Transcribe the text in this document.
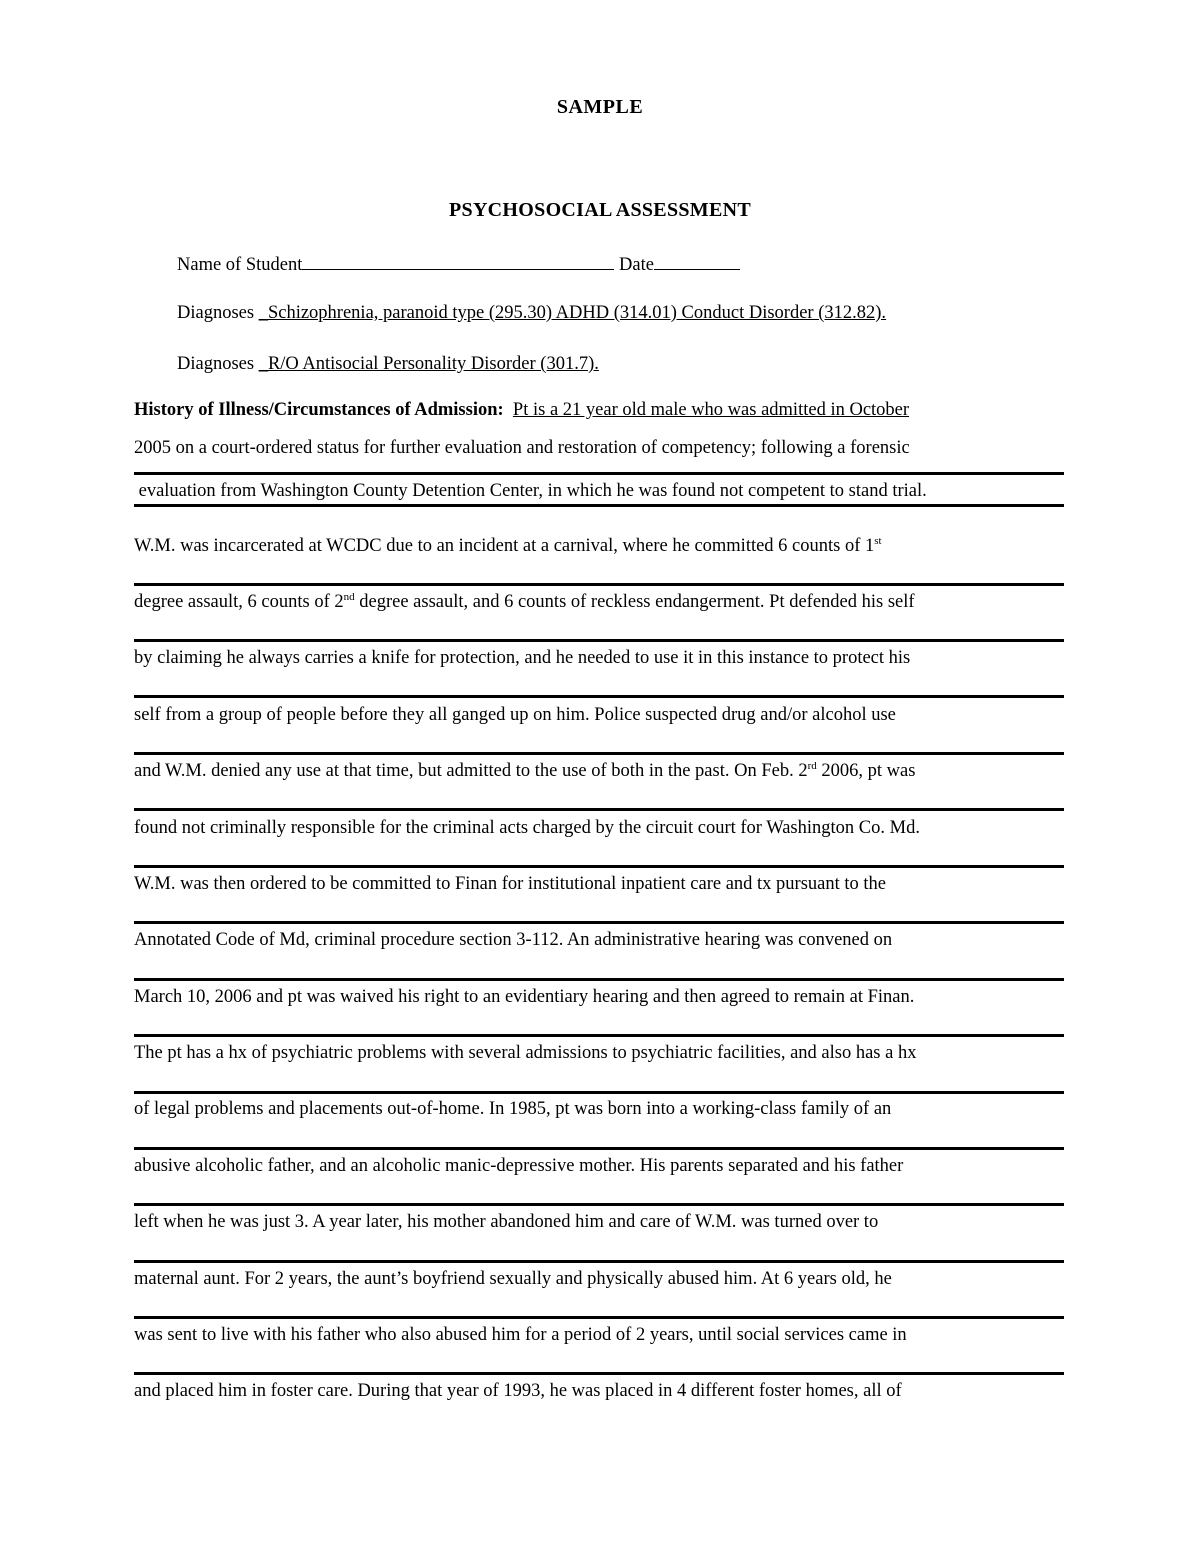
SAMPLE
PSYCHOSOCIAL ASSESSMENT
Name of Student	Date
Diagnoses _Schizophrenia, paranoid type (295.30) ADHD (314.01) Conduct Disorder (312.82).
Diagnoses _R/O Antisocial Personality Disorder (301.7).
History of Illness/Circumstances of Admission: Pt is a 21 year old male who was admitted in October
2005 on a court-ordered status for further evaluation and restoration of competency; following a forensic
evaluation from Washington County Detention Center, in which he was found not competent to stand trial.
W.M. was incarcerated at WCDC due to an incident at a carnival, where he committed 6 counts of 1st
degree assault, 6 counts of 2nd degree assault, and 6 counts of reckless endangerment. Pt defended his self
by claiming he always carries a knife for protection, and he needed to use it in this instance to protect his
self from a group of people before they all ganged up on him. Police suspected drug and/or alcohol use
and W.M. denied any use at that time, but admitted to the use of both in the past. On Feb. 2rd 2006, pt was
found not criminally responsible for the criminal acts charged by the circuit court for Washington Co. Md.
W.M. was then ordered to be committed to Finan for institutional inpatient care and tx pursuant to the
Annotated Code of Md, criminal procedure section 3-112. An administrative hearing was convened on
March 10, 2006 and pt was waived his right to an evidentiary hearing and then agreed to remain at Finan.
The pt has a hx of psychiatric problems with several admissions to psychiatric facilities, and also has a hx
of legal problems and placements out-of-home. In 1985, pt was born into a working-class family of an
abusive alcoholic father, and an alcoholic manic-depressive mother. His parents separated and his father
left when he was just 3. A year later, his mother abandoned him and care of W.M. was turned over to
maternal aunt. For 2 years, the aunt’s boyfriend sexually and physically abused him. At 6 years old, he
was sent to live with his father who also abused him for a period of 2 years, until social services came in
and placed him in foster care. During that year of 1993, he was placed in 4 different foster homes, all of
